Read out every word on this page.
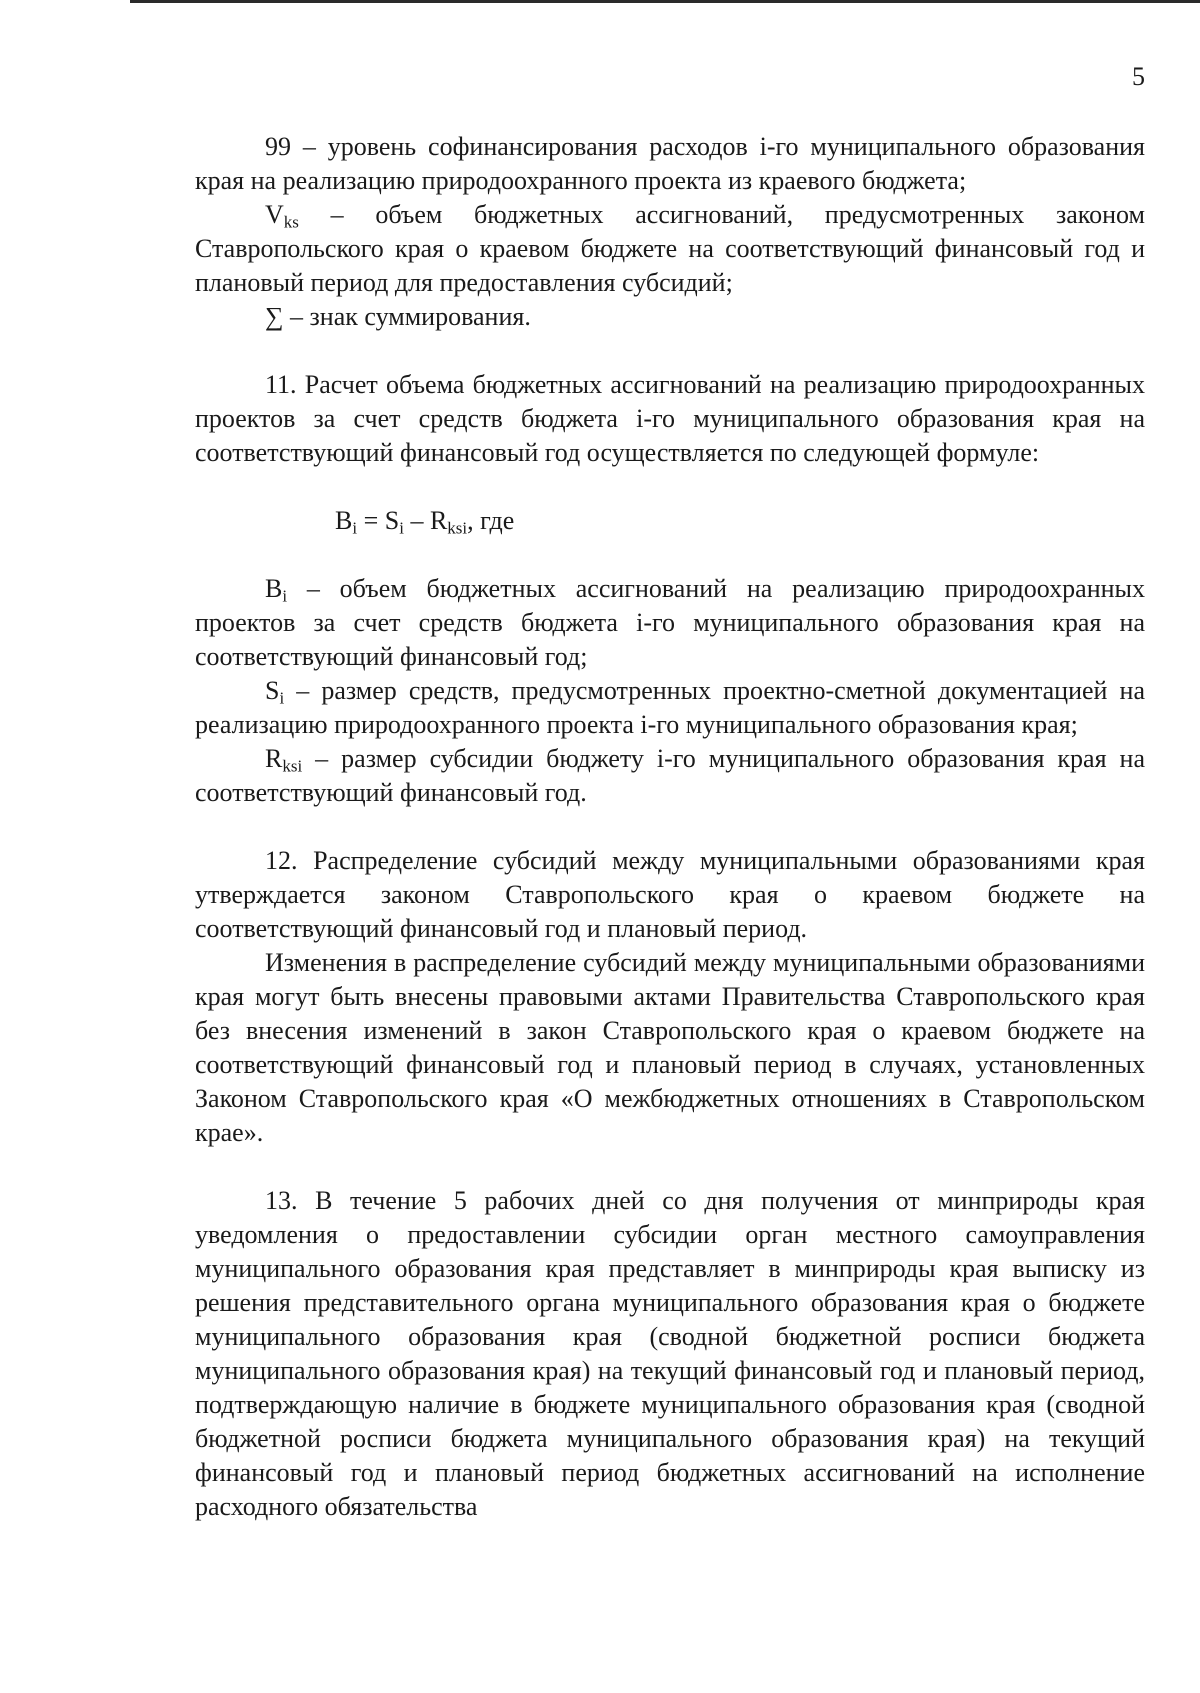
5

99 – уровень софинансирования расходов i-го муниципального образования края на реализацию природоохранного проекта из краевого бюджета;

$V_{ks}$ – объем бюджетных ассигнований, предусмотренных законом Ставропольского края о краевом бюджете на соответствующий финансовый год и плановый период для предоставления субсидий;

∑ – знак суммирования.

11. Расчет объема бюджетных ассигнований на реализацию природоохранных проектов за счет средств бюджета i-го муниципального образования края на соответствующий финансовый год осуществляется по следующей формуле:

$B_i = S_i - R_{ksi}$, где

$B_i$ – объем бюджетных ассигнований на реализацию природоохранных проектов за счет средств бюджета i-го муниципального образования края на соответствующий финансовый год;

$S_i$ – размер средств, предусмотренных проектно-сметной документацией на реализацию природоохранного проекта i-го муниципального образования края;

$R_{ksi}$ – размер субсидии бюджету i-го муниципального образования края на соответствующий финансовый год.

12. Распределение субсидий между муниципальными образованиями края утверждается законом Ставропольского края о краевом бюджете на соответствующий финансовый год и плановый период.

Изменения в распределение субсидий между муниципальными образованиями края могут быть внесены правовыми актами Правительства Ставропольского края без внесения изменений в закон Ставропольского края о краевом бюджете на соответствующий финансовый год и плановый период в случаях, установленных Законом Ставропольского края «О межбюджетных отношениях в Ставропольском крае».

13. В течение 5 рабочих дней со дня получения от минприроды края уведомления о предоставлении субсидии орган местного самоуправления муниципального образования края представляет в минприроды края выписку из решения представительного органа муниципального образования края о бюджете муниципального образования края (сводной бюджетной росписи бюджета муниципального образования края) на текущий финансовый год и плановый период, подтверждающую наличие в бюджете муниципального образования края (сводной бюджетной росписи бюджета муниципального образования края) на текущий финансовый год и плановый период бюджетных ассигнований на исполнение расходного обязательства
